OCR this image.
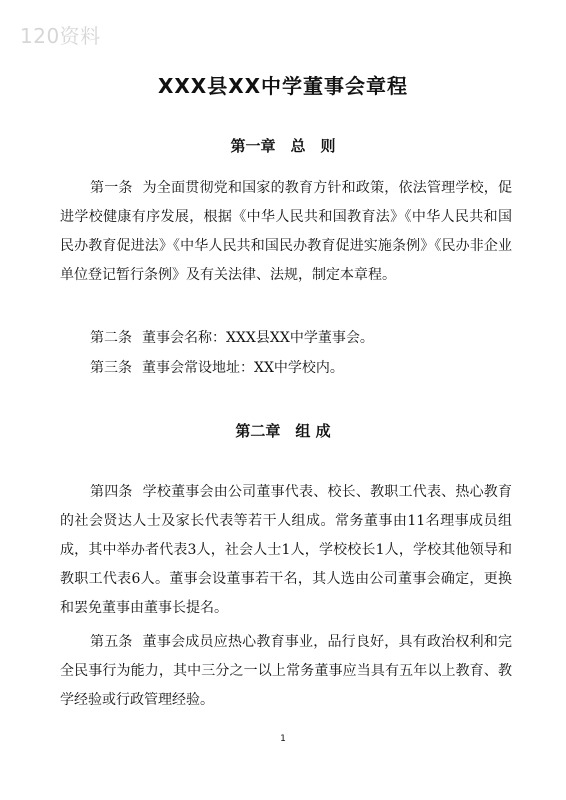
120资料
XXX县XX中学董事会章程
第一章　总　则

第一条 为全面贯彻党和国家的教育方针和政策，依法管理学校，促进学校健康有序发展，根据《中华人民共和国教育法》《中华人民共和国民办教育促进法》《中华人民共和国民办教育促进实施条例》《民办非企业单位登记暂行条例》及有关法律、法规，制定本章程。

第二条 董事会名称：XXX县XX中学董事会。

第三条 董事会常设地址：XX中学校内。

第二章　组 成

第四条 学校董事会由公司董事代表、校长、教职工代表、热心教育的社会贤达人士及家长代表等若干人组成。常务董事由11名理事成员组成，其中举办者代表3人，社会人士1人，学校校长1人，学校其他领导和教职工代表6人。董事会设董事若干名，其人选由公司董事会确定，更换和罢免董事由董事长提名。

第五条 董事会成员应热心教育事业，品行良好，具有政治权利和完全民事行为能力，其中三分之一以上常务董事应当具有五年以上教育、教学经验或行政管理经验。

1
